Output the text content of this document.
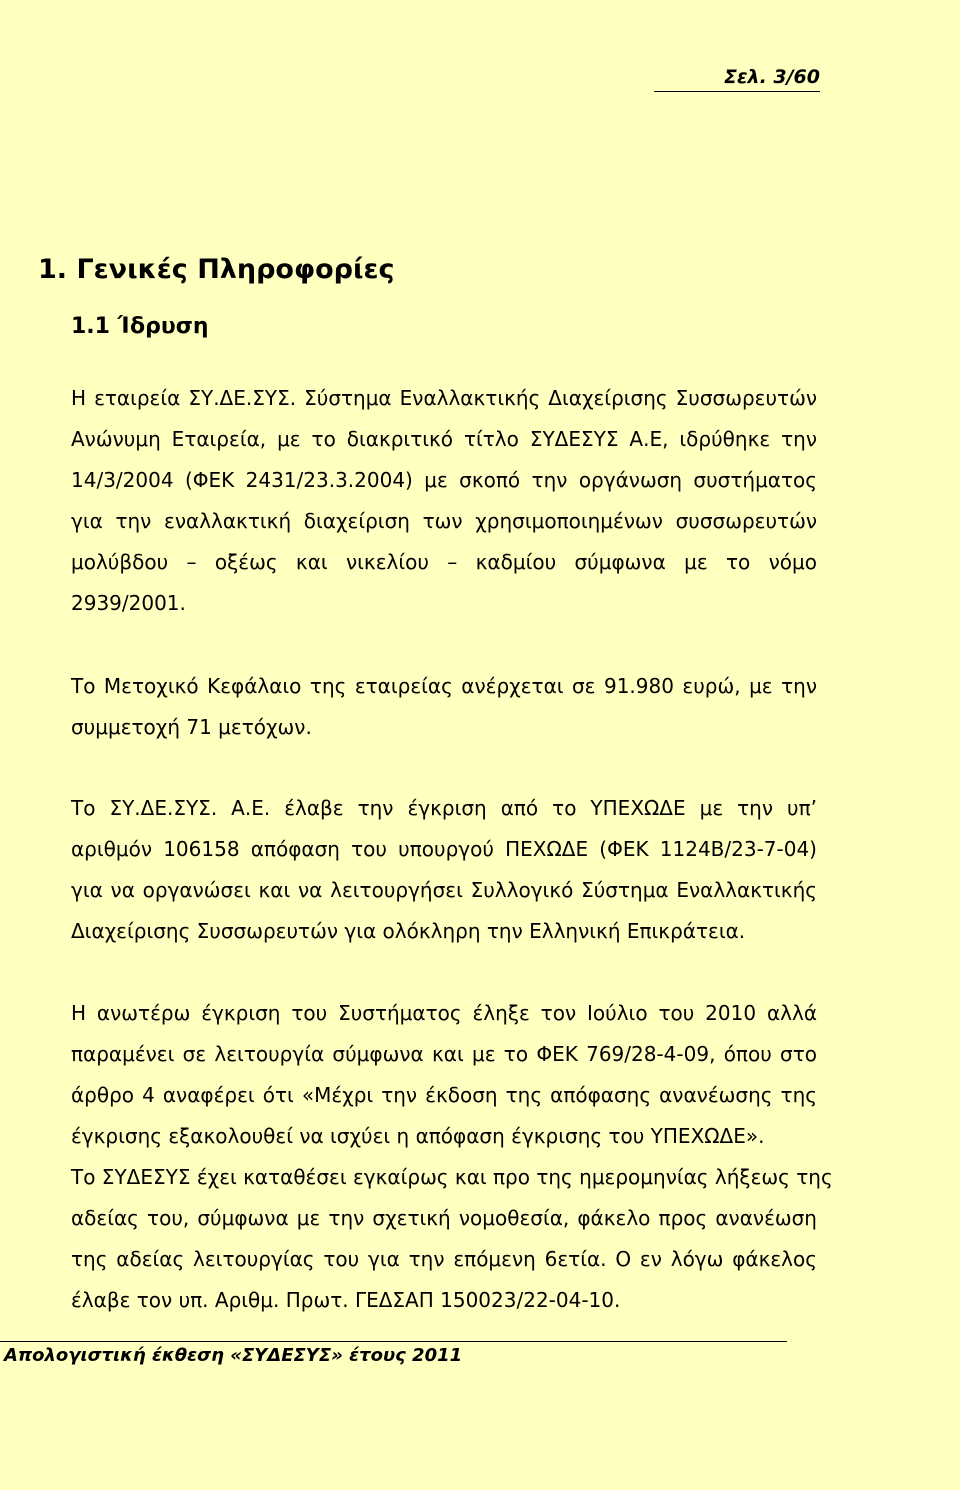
Σελ. 3/60
1. Γενικές Πληροφορίες
1.1 Ίδρυση
Η εταιρεία ΣΥ.ΔΕ.ΣΥΣ. Σύστημα Εναλλακτικής Διαχείρισης Συσσωρευτών
Ανώνυμη Εταιρεία, με το διακριτικό τίτλο ΣΥΔΕΣΥΣ Α.Ε, ιδρύθηκε την
14/3/2004 (ΦΕΚ 2431/23.3.2004) με σκοπό την οργάνωση συστήματος
για την εναλλακτική διαχείριση των χρησιμοποιημένων συσσωρευτών
μολύβδου – οξέως και νικελίου – καδμίου σύμφωνα με το νόμο
2939/2001.
Το Μετοχικό Κεφάλαιο της εταιρείας ανέρχεται σε 91.980 ευρώ, με την
συμμετοχή 71 μετόχων.
Το ΣΥ.ΔΕ.ΣΥΣ. Α.Ε. έλαβε την έγκριση από το ΥΠΕΧΩΔΕ με την υπ’
αριθμόν 106158 απόφαση του υπουργού ΠΕΧΩΔΕ (ΦΕΚ 1124Β/23-7-04)
για να οργανώσει και να λειτουργήσει Συλλογικό Σύστημα Εναλλακτικής
Διαχείρισης Συσσωρευτών για ολόκληρη την Ελληνική Επικράτεια.
Η ανωτέρω έγκριση του Συστήματος έληξε τον Ιούλιο του 2010 αλλά
παραμένει σε λειτουργία σύμφωνα και με το ΦΕΚ 769/28-4-09, όπου στο
άρθρο 4 αναφέρει ότι «Μέχρι την έκδοση της απόφασης ανανέωσης της
έγκρισης εξακολουθεί να ισχύει η απόφαση έγκρισης του ΥΠΕΧΩΔΕ».
Το ΣΥΔΕΣΥΣ έχει καταθέσει εγκαίρως και προ της ημερομηνίας λήξεως της
αδείας του, σύμφωνα με την σχετική νομοθεσία, φάκελο προς ανανέωση
της αδείας λειτουργίας του για την επόμενη 6ετία. Ο εν λόγω φάκελος
έλαβε τον υπ. Αριθμ. Πρωτ. ΓΕΔΣΑΠ 150023/22-04-10.
Απολογιστική έκθεση «ΣΥΔΕΣΥΣ» έτους 2011
